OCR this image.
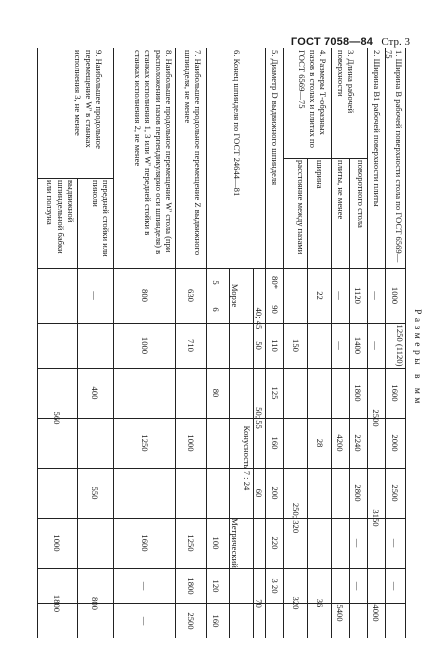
ГОСТ 7058—84 Стр. 3
Размеры в мм
1. Ширина B рабочей поверхности стола по ГОСТ 6569—75
2. Ширина B1 рабочей поверхности плиты
3. Длина рабочей поверхности
поворотного стола
плиты, не менее
4. Размеры Т-образных пазов в столах и плитах по ГОСТ 6569—75
ширина
расстояние между пазами
5. Диаметр D выдвижного шпинделя
6. Конец шпинделя по ГОСТ 24644—81
7. Наибольшее продольное перемещение Z выдвижного шпинделя, не менее
8. Наибольшее продольное перемещение W' стола (при расположении пазов перпендикулярно оси шпинделя) в станках исполнения 1, 3 или W' передней стойки в станках исполнения 2, не менее
9. Наибольшее продольное перемещение W' в станках исполнения 3, не менее
передней стойки или пиноли
выдвижной шпиндельной бабки или ползуна
1000
1250 (1120)
1600
2000
2500
—
—
—
—
2500
3150
4000
1120
1400
1800
2240
2800
—
—
—
—
4200
5400
22
28
36
150
250; 320
320
80*
90
110
125
160
200
220
3 20
40; 45
50
50; 55
60
70
Конусность 7 : 24
Морзе
Метрический
5
6
80
100
120
160
630
710
1000
1250
1800
2500
800
1000
1250
1600
—
—
—
400
550
800
560
1000
1800
